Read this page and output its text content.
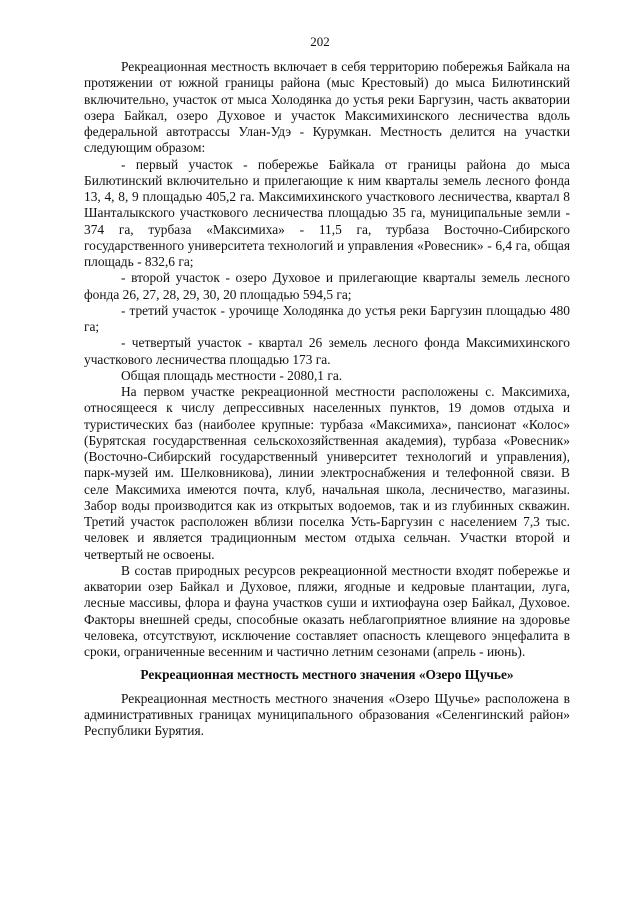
202

Рекреационная местность включает в себя территорию побережья Байкала на протяжении от южной границы района (мыс Крестовый) до мыса Билютинский включительно, участок от мыса Холодянка до устья реки Баргузин, часть акватории озера Байкал, озеро Духовое и участок Максимихинского лесничества вдоль федеральной автотрассы Улан-Удэ - Курумкан. Местность делится на участки следующим образом:

- первый участок - побережье Байкала от границы района до мыса Билютинский включительно и прилегающие к ним кварталы земель лесного фонда 13, 4, 8, 9 площадью 405,2 га. Максимихинского участкового лесничества, квартал 8 Шанталыкского участкового лесничества площадью 35 га, муниципальные земли - 374 га, турбаза «Максимиха» - 11,5 га, турбаза Восточно-Сибирского государственного университета технологий и управления «Ровесник» - 6,4 га, общая площадь - 832,6 га;

- второй участок - озеро Духовое и прилегающие кварталы земель лесного фонда 26, 27, 28, 29, 30, 20 площадью 594,5 га;

- третий участок - урочище Холодянка до устья реки Баргузин площадью 480 га;

- четвертый участок - квартал 26 земель лесного фонда Максимихинского участкового лесничества площадью 173 га.

Общая площадь местности - 2080,1 га.

На первом участке рекреационной местности расположены с. Максимиха, относящееся к числу депрессивных населенных пунктов, 19 домов отдыха и туристических баз (наиболее крупные: турбаза «Максимиха», пансионат «Колос» (Бурятская государственная сельскохозяйственная академия), турбаза «Ровесник» (Восточно-Сибирский государственный университет технологий и управления), парк-музей им. Шелковникова), линии электроснабжения и телефонной связи. В селе Максимиха имеются почта, клуб, начальная школа, лесничество, магазины. Забор воды производится как из открытых водоемов, так и из глубинных скважин. Третий участок расположен вблизи поселка Усть-Баргузин с населением 7,3 тыс. человек и является традиционным местом отдыха сельчан. Участки второй и четвертый не освоены.

В состав природных ресурсов рекреационной местности входят побережье и акватории озер Байкал и Духовое, пляжи, ягодные и кедровые плантации, луга, лесные массивы, флора и фауна участков суши и ихтиофауна озер Байкал, Духовое. Факторы внешней среды, способные оказать неблагоприятное влияние на здоровье человека, отсутствуют, исключение составляет опасность клещевого энцефалита в сроки, ограниченные весенним и частично летним сезонами (апрель - июнь).

Рекреационная местность местного значения «Озеро Щучье»

Рекреационная местность местного значения «Озеро Щучье» расположена в административных границах муниципального образования «Селенгинский район» Республики Бурятия.
